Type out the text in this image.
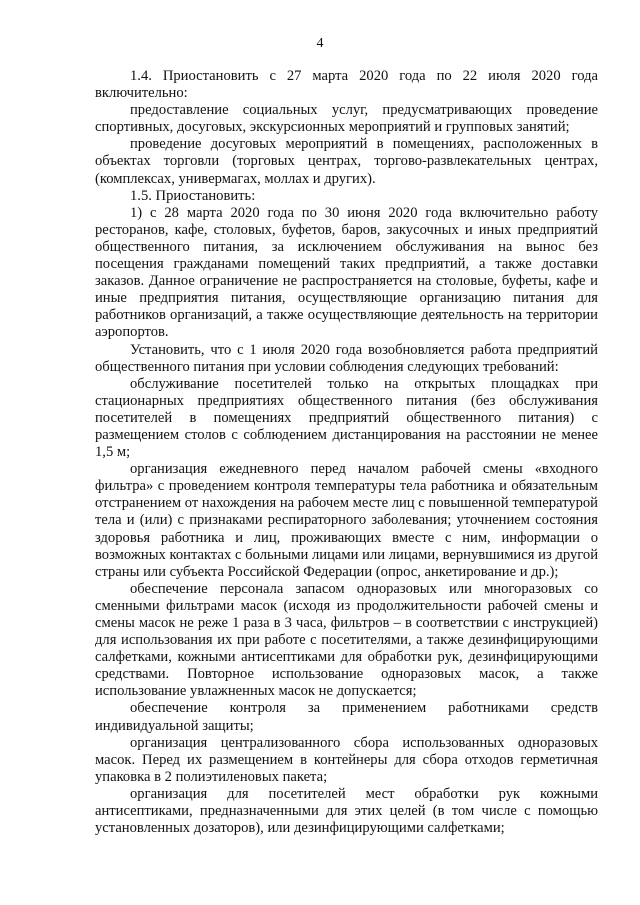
4

1.4. Приостановить с 27 марта 2020 года по 22 июля 2020 года включительно:

предоставление социальных услуг, предусматривающих проведение спортивных, досуговых, экскурсионных мероприятий и групповых занятий;

проведение досуговых мероприятий в помещениях, расположенных в объектах торговли (торговых центрах, торгово-развлекательных центрах, (комплексах, универмагах, моллах и других).

1.5. Приостановить:

1) с 28 марта 2020 года по 30 июня 2020 года включительно работу ресторанов, кафе, столовых, буфетов, баров, закусочных и иных предприятий общественного питания, за исключением обслуживания на вынос без посещения гражданами помещений таких предприятий, а также доставки заказов. Данное ограничение не распространяется на столовые, буфеты, кафе и иные предприятия питания, осуществляющие организацию питания для работников организаций, а также осуществляющие деятельность на территории аэропортов.

Установить, что с 1 июля 2020 года возобновляется работа предприятий общественного питания при условии соблюдения следующих требований:

обслуживание посетителей только на открытых площадках при стационарных предприятиях общественного питания (без обслуживания посетителей в помещениях предприятий общественного питания) с размещением столов с соблюдением дистанцирования на расстоянии не менее 1,5 м;

организация ежедневного перед началом рабочей смены «входного фильтра» с проведением контроля температуры тела работника и обязательным отстранением от нахождения на рабочем месте лиц с повышенной температурой тела и (или) с признаками респираторного заболевания; уточнением состояния здоровья работника и лиц, проживающих вместе с ним, информации о возможных контактах с больными лицами или лицами, вернувшимися из другой страны или субъекта Российской Федерации (опрос, анкетирование и др.);

обеспечение персонала запасом одноразовых или многоразовых со сменными фильтрами масок (исходя из продолжительности рабочей смены и смены масок не реже 1 раза в 3 часа, фильтров – в соответствии с инструкцией) для использования их при работе с посетителями, а также дезинфицирующими салфетками, кожными антисептиками для обработки рук, дезинфицирующими средствами. Повторное использование одноразовых масок, а также использование увлажненных масок не допускается;

обеспечение контроля за применением работниками средств индивидуальной защиты;

организация централизованного сбора использованных одноразовых масок. Перед их размещением в контейнеры для сбора отходов герметичная упаковка в 2 полиэтиленовых пакета;

организация для посетителей мест обработки рук кожными антисептиками, предназначенными для этих целей (в том числе с помощью установленных дозаторов), или дезинфицирующими салфетками;
